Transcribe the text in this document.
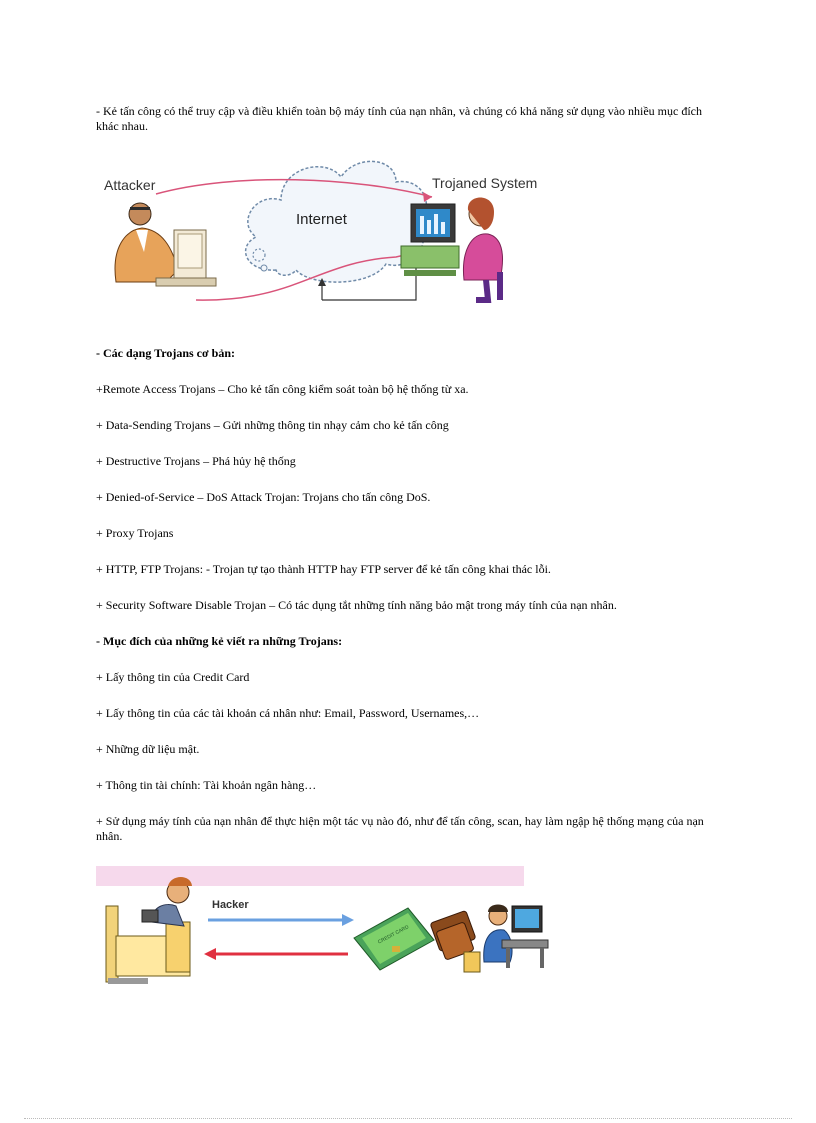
- Kẻ tấn công có thể truy cập và điều khiển toàn bộ máy tính của nạn nhân, và chúng có khả năng sử dụng vào nhiều mục đích khác nhau.

Internet
Attacker	Trojaned System

- Các dạng Trojans cơ bản:

+Remote Access Trojans – Cho kẻ tấn công kiểm soát toàn bộ hệ thống từ xa.

+ Data-Sending Trojans – Gửi những thông tin nhạy cảm cho kẻ tấn công

+ Destructive Trojans – Phá hủy hệ thống

+ Denied-of-Service – DoS Attack Trojan: Trojans cho tấn công DoS.

+ Proxy Trojans

+ HTTP, FTP Trojans: - Trojan tự tạo thành HTTP hay FTP server để kẻ tấn công khai thác lỗi.

+ Security Software Disable Trojan – Có tác dụng tắt những tính năng bảo mật trong máy tính của nạn nhân.

- Mục đích của những kẻ viết ra những Trojans:

+ Lấy thông tin của Credit Card

+ Lấy thông tin của các tài khoản cá nhân như: Email, Password, Usernames,…

+ Những dữ liệu mật.

+ Thông tin tài chính: Tài khoản ngân hàng…

+ Sử dụng máy tính của nạn nhân để thực hiện một tác vụ nào đó, như để tấn công, scan, hay làm ngập hệ thống mạng của nạn nhân.

Hacker
CREDIT CARD
